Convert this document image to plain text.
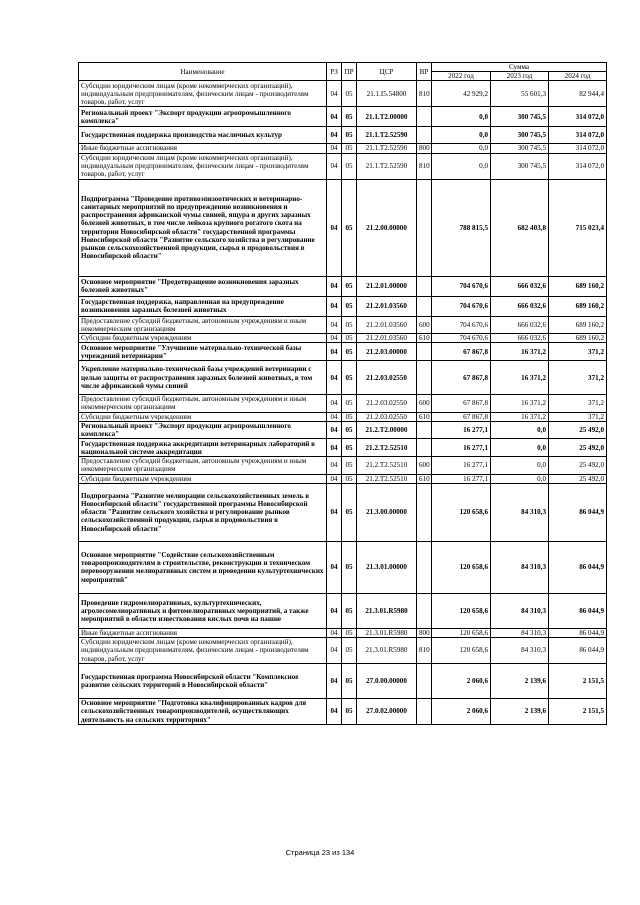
Наименование	РЗ	ПР	ЦСР	ВР	Сумма		
					2022 год	2023 год	2024 год
Субсидии юридическим лицам (кроме некоммерческих организаций), индивидуальным предпринимателям, физическим лицам - производителям товаров, работ, услуг	04	05	21.1.I5.54800	810	42 929,2	55 601,3	82 944,4
Региональный проект "Экспорт продукции агропромышленного комплекса"	04	05	21.1.T2.00000		0,0	300 745,5	314 072,0
Государственная поддержка производства масличных культур	04	05	21.1.T2.52590		0,0	300 745,5	314 072,0
Иные бюджетные ассигнования	04	05	21.1.T2.52590	800	0,0	300 745,5	314 072,0
Субсидии юридическим лицам (кроме некоммерческих организаций), индивидуальным предпринимателям, физическим лицам - производителям товаров, работ, услуг	04	05	21.1.T2.52590	810	0,0	300 745,5	314 072,0
Подпрограмма "Проведение противоэпизоотических и ветеринарно-санитарных мероприятий по предупреждению возникновения и распространения африканской чумы свиней, ящура и других заразных болезней животных, в том числе лейкоза крупного рогатого скота на территории Новосибирской области" государственной программы Новосибирской области "Развитие сельского хозяйства и регулирование рынков сельскохозяйственной продукции, сырья и продовольствия в Новосибирской области"	04	05	21.2.00.00000		788 815,5	682 403,8	715 023,4
Основное мероприятие "Предотвращение возникновения заразных болезней животных"	04	05	21.2.01.00000		704 670,6	666 032,6	689 160,2
Государственная поддержка, направленная на предупреждение возникновения заразных болезней животных	04	05	21.2.01.03560		704 670,6	666 032,6	689 160,2
Предоставление субсидий бюджетным, автономным учреждениям и иным некоммерческим организациям	04	05	21.2.01.03560	600	704 670,6	666 032,6	689 160,2
Субсидии бюджетным учреждениям	04	05	21.2.01.03560	610	704 670,6	666 032,6	689 160,2
Основное мероприятие "Улучшение материально-технической базы учреждений ветеринарии"	04	05	21.2.03.00000		67 867,8	16 371,2	371,2
Укрепление материально-технической базы учреждений ветеринарии с целью защиты от распространения заразных болезней животных, в том числе африканской чумы свиней	04	05	21.2.03.02550		67 867,8	16 371,2	371,2
Предоставление субсидий бюджетным, автономным учреждениям и иным некоммерческим организациям	04	05	21.2.03.02550	600	67 867,8	16 371,2	371,2
Субсидии бюджетным учреждениям	04	05	21.2.03.02550	610	67 867,8	16 371,2	371,2
Региональный проект "Экспорт продукции агропромышленного комплекса"	04	05	21.2.T2.00000		16 277,1	0,0	25 492,0
Государственная поддержка аккредитации ветеринарных лабораторий в национальной системе аккредитации	04	05	21.2.T2.52510		16 277,1	0,0	25 492,0
Предоставление субсидий бюджетным, автономным учреждениям и иным некоммерческим организациям	04	05	21.2.T2.52510	600	16 277,1	0,0	25 492,0
Субсидии бюджетным учреждениям	04	05	21.2.T2.52510	610	16 277,1	0,0	25 492,0
Подпрограмма "Развитие мелиорации сельскохозяйственных земель в Новосибирской области" государственной программы Новосибирской области "Развитие сельского хозяйства и регулирование рынков сельскохозяйственной продукции, сырья и продовольствия в Новосибирской области"	04	05	21.3.00.00000		120 658,6	84 310,3	86 044,9
Основное мероприятие "Содействие сельскохозяйственным товаропроизводителям в строительстве, реконструкции и техническом перевооружении мелиоративных систем и проведении культуртехнических мероприятий"	04	05	21.3.01.00000		120 658,6	84 310,3	86 044,9
Проведение гидромелиоративных, культуртехнических, агролесомелиоративных и фитомелиоративных мероприятий, а также мероприятий в области известкования кислых почв на пашне	04	05	21.3.01.R5980		120 658,6	84 310,3	86 044,9
Иные бюджетные ассигнования	04	05	21.3.01.R5980	800	120 658,6	84 310,3	86 044,9
Субсидии юридическим лицам (кроме некоммерческих организаций), индивидуальным предпринимателям, физическим лицам - производителям товаров, работ, услуг	04	05	21.3.01.R5980	810	120 658,6	84 310,3	86 044,9
Государственная программа Новосибирской области "Комплексное развитие сельских территорий в Новосибирской области"	04	05	27.0.00.00000		2 060,6	2 139,6	2 151,5
Основное мероприятие "Подготовка квалифицированных кадров для сельскохозяйственных товаропроизводителей, осуществляющих деятельность на сельских территориях"	04	05	27.0.02.00000		2 060,6	2 139,6	2 151,5
Страница 23 из 134
